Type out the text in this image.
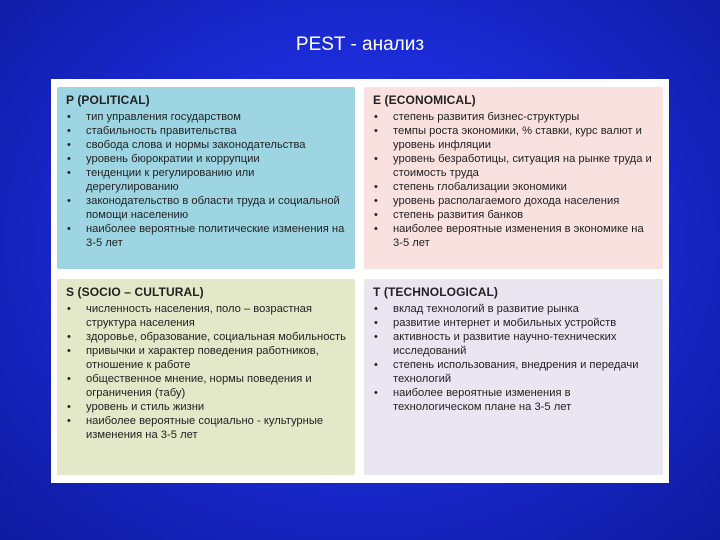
PEST - анализ
P (POLITICAL)
• тип управления государством
• стабильность правительства
• свобода слова и нормы законодательства
• уровень бюрократии и коррупции
• тенденции к регулированию или дерегулированию
• законодательство в области труда и социальной помощи населению
• наиболее вероятные политические изменения на 3-5 лет
E (ECONOMICAL)
• степень развития бизнес-структуры
• темпы роста экономики, % ставки, курс валют и уровень инфляции
• уровень безработицы, ситуация на рынке труда и стоимость труда
• степень глобализации экономики
• уровень располагаемого дохода населения
• степень развития банков
• наиболее вероятные изменения в экономике на 3-5 лет
S (SOCIO – CULTURAL)
• численность населения, поло – возрастная структура населения
• здоровье, образование, социальная мобильность
• привычки и характер поведения работников, отношение к работе
• общественное мнение, нормы поведения и ограничения (табу)
• уровень и стиль жизни
• наиболее вероятные социально - культурные изменения на 3-5 лет
T (TECHNOLOGICAL)
• вклад технологий в развитие рынка
• развитие интернет и мобильных устройств
• активность и развитие научно-технических исследований
• степень использования, внедрения и передачи технологий
• наиболее вероятные изменения в технологическом плане на 3-5 лет
